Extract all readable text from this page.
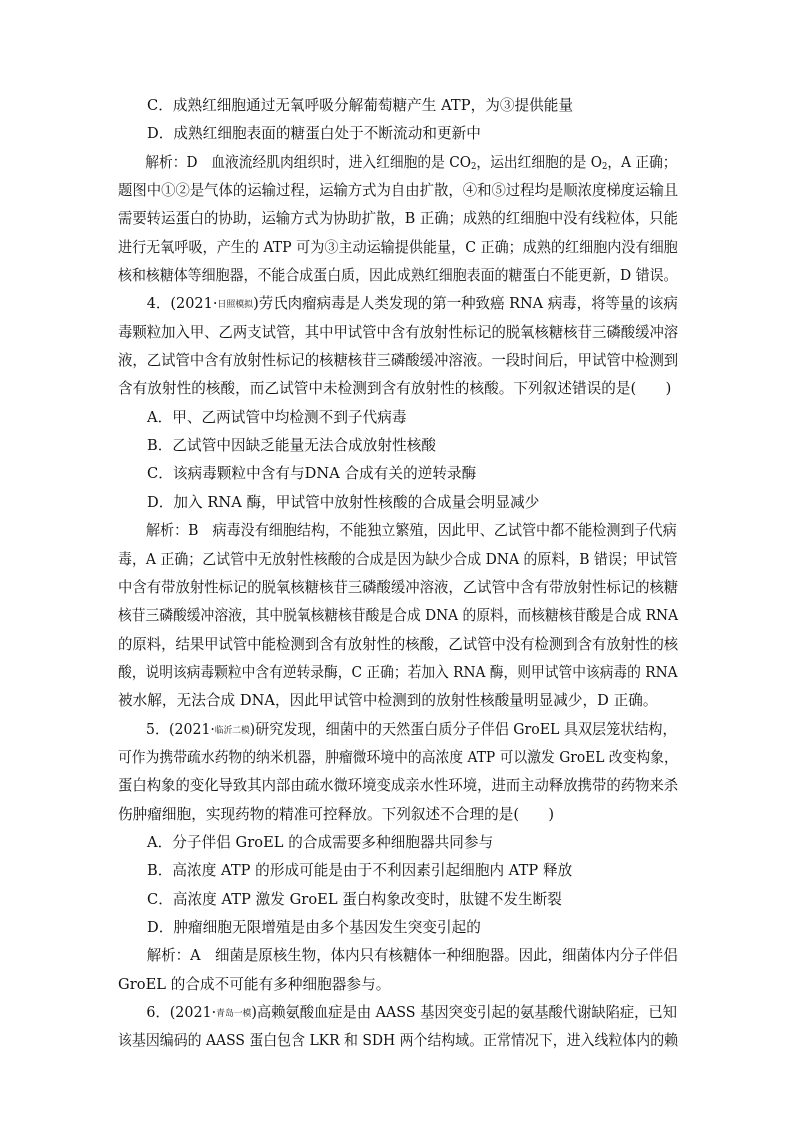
C．成熟红细胞通过无氧呼吸分解葡萄糖产生 ATP，为③提供能量
D．成熟红细胞表面的糖蛋白处于不断流动和更新中
解析：D　血液流经肌肉组织时，进入红细胞的是 $CO_2$，运出红细胞的是 $O_2$，A 正确；
题图中①②是气体的运输过程，运输方式为自由扩散，④和⑤过程均是顺浓度梯度运输且
需要转运蛋白的协助，运输方式为协助扩散，B 正确；成熟的红细胞中没有线粒体，只能
进行无氧呼吸，产生的 ATP 可为③主动运输提供能量，C 正确；成熟的红细胞内没有细胞
核和核糖体等细胞器，不能合成蛋白质，因此成熟红细胞表面的糖蛋白不能更新，D 错误。
4．(2021·日照模拟)劳氏肉瘤病毒是人类发现的第一种致癌 RNA 病毒，将等量的该病
毒颗粒加入甲、乙两支试管，其中甲试管中含有放射性标记的脱氧核糖核苷三磷酸缓冲溶
液，乙试管中含有放射性标记的核糖核苷三磷酸缓冲溶液。一段时间后，甲试管中检测到
含有放射性的核酸，而乙试管中未检测到含有放射性的核酸。下列叙述错误的是(　　)
A．甲、乙两试管中均检测不到子代病毒
B．乙试管中因缺乏能量无法合成放射性核酸
C．该病毒颗粒中含有与DNA 合成有关的逆转录酶
D．加入 RNA 酶，甲试管中放射性核酸的合成量会明显减少
解析：B　病毒没有细胞结构，不能独立繁殖，因此甲、乙试管中都不能检测到子代病
毒，A 正确；乙试管中无放射性核酸的合成是因为缺少合成 DNA 的原料，B 错误；甲试管
中含有带放射性标记的脱氧核糖核苷三磷酸缓冲溶液，乙试管中含有带放射性标记的核糖
核苷三磷酸缓冲溶液，其中脱氧核糖核苷酸是合成 DNA 的原料，而核糖核苷酸是合成 RNA
的原料，结果甲试管中能检测到含有放射性的核酸，乙试管中没有检测到含有放射性的核
酸，说明该病毒颗粒中含有逆转录酶，C 正确；若加入 RNA 酶，则甲试管中该病毒的 RNA
被水解，无法合成 DNA，因此甲试管中检测到的放射性核酸量明显减少，D 正确。
5．(2021·临沂二模)研究发现，细菌中的天然蛋白质分子伴侣 GroEL 具双层笼状结构，
可作为携带疏水药物的纳米机器，肿瘤微环境中的高浓度 ATP 可以激发 GroEL 改变构象，
蛋白构象的变化导致其内部由疏水微环境变成亲水性环境，进而主动释放携带的药物来杀
伤肿瘤细胞，实现药物的精准可控释放。下列叙述不合理的是(　　)
A．分子伴侣 GroEL 的合成需要多种细胞器共同参与
B．高浓度 ATP 的形成可能是由于不利因素引起细胞内 ATP 释放
C．高浓度 ATP 激发 GroEL 蛋白构象改变时，肽键不发生断裂
D．肿瘤细胞无限增殖是由多个基因发生突变引起的
解析：A　细菌是原核生物，体内只有核糖体一种细胞器。因此，细菌体内分子伴侣
GroEL 的合成不可能有多种细胞器参与。
6．(2021·青岛一模)高赖氨酸血症是由 AASS 基因突变引起的氨基酸代谢缺陷症，已知
该基因编码的 AASS 蛋白包含 LKR 和 SDH 两个结构域。正常情况下，进入线粒体内的赖
